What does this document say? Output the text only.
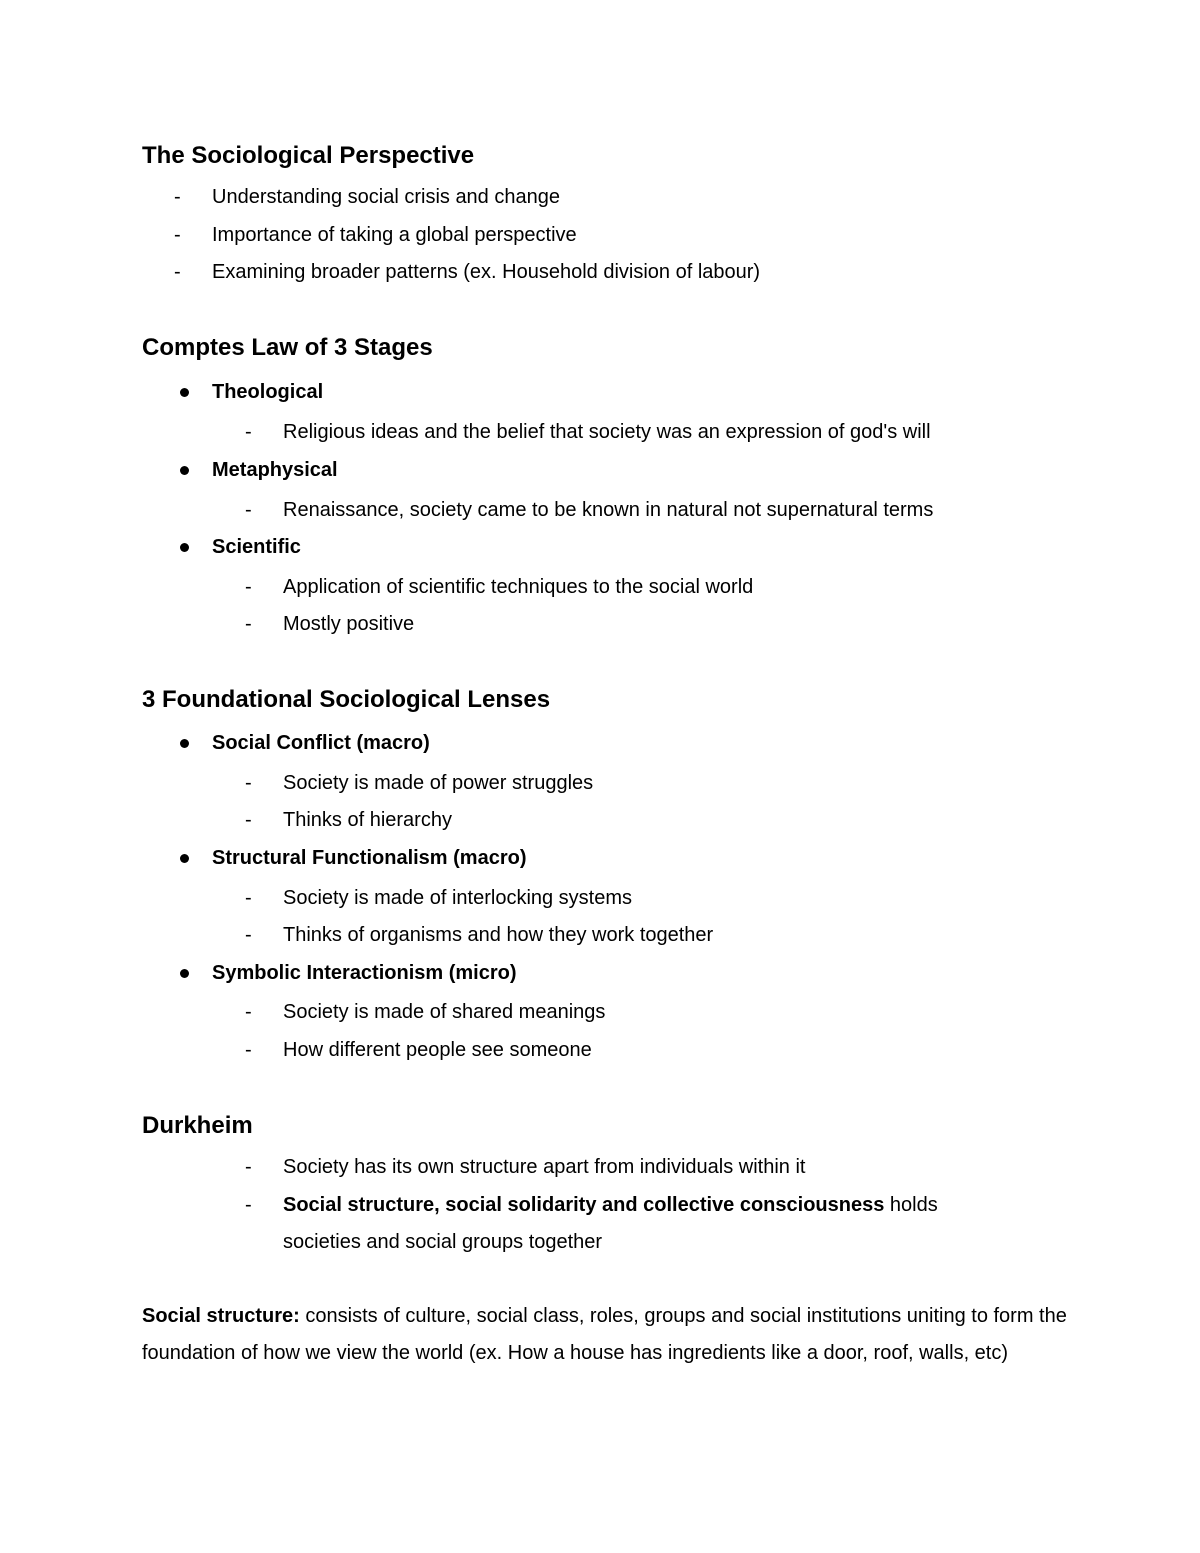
The Sociological Perspective
-	Understanding social crisis and change
-	Importance of taking a global perspective
-	Examining broader patterns (ex. Household division of labour)
Comptes Law of 3 Stages
Theological
-	Religious ideas and the belief that society was an expression of god's will
Metaphysical
-	Renaissance, society came to be known in natural not supernatural terms
Scientific
-	Application of scientific techniques to the social world
-	Mostly positive
3 Foundational Sociological Lenses
Social Conflict (macro)
-	Society is made of power struggles
-	Thinks of hierarchy
Structural Functionalism (macro)
-	Society is made of interlocking systems
-	Thinks of organisms and how they work together
Symbolic Interactionism (micro)
-	Society is made of shared meanings
-	How different people see someone
Durkheim
-	Society has its own structure apart from individuals within it
-	Social structure, social solidarity and collective consciousness holds societies and social groups together
Social structure: consists of culture, social class, roles, groups and social institutions uniting to form the foundation of how we view the world (ex. How a house has ingredients like a door, roof, walls, etc)
